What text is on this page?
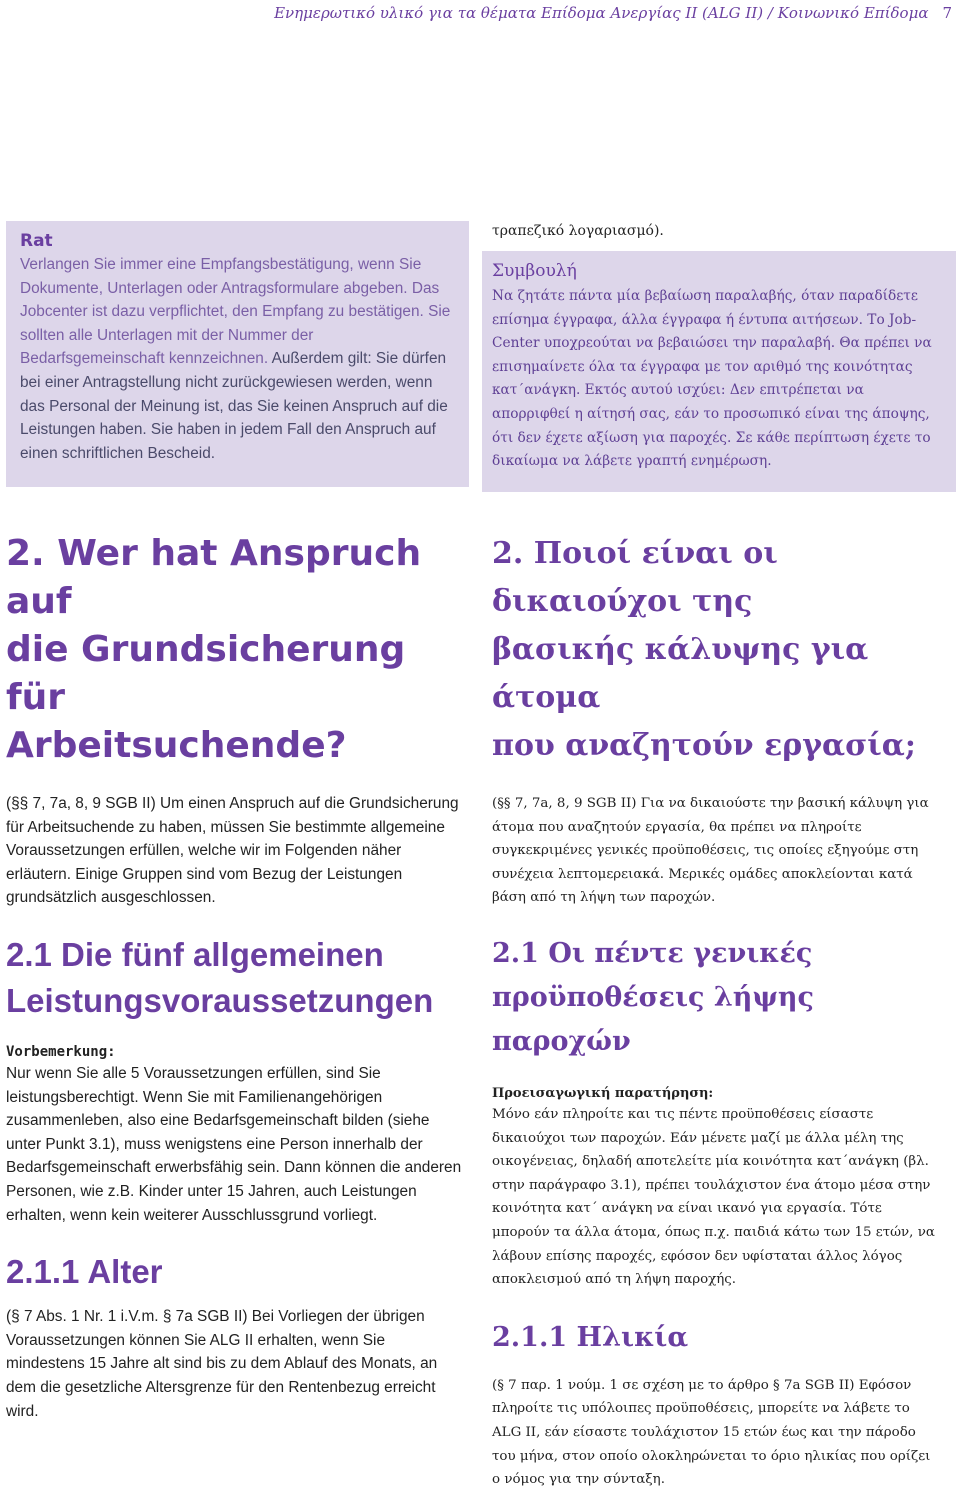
Ενημερωτικό υλικό για τα θέματα Επίδομα Ανεργίας ΙΙ (ALG II) / Κοινωνικό Επίδομα 7
Rat
Verlangen Sie immer eine Empfangsbestätigung, wenn Sie Dokumente, Unterlagen oder Antragsformulare abgeben. Das Jobcenter ist dazu verpflichtet, den Empfang zu bestätigen. Sie sollten alle Unterlagen mit der Nummer der Bedarfsgemeinschaft kennzeichnen. Außerdem gilt: Sie dürfen bei einer Antragstellung nicht zurückgewiesen werden, wenn das Personal der Meinung ist, das Sie keinen Anspruch auf die Leistungen haben. Sie haben in jedem Fall den Anspruch auf einen schriftlichen Bescheid.
τραπεζικό λογαριασμό).
Συμβουλή
Να ζητάτε πάντα μία βεβαίωση παραλαβής, όταν παραδίδετε επίσημα έγγραφα, άλλα έγγραφα ή έντυπα αιτήσεων. Το Job-Center υποχρεούται να βεβαιώσει την παραλαβή. Θα πρέπει να επισημαίνετε όλα τα έγγραφα με τον αριθμό της κοινότητας κατ΄ανάγκη. Εκτός αυτού ισχύει: Δεν επιτρέπεται να απορριφθεί η αίτησή σας, εάν το προσωπικό είναι της άποψης, ότι δεν έχετε αξίωση για παροχές. Σε κάθε περίπτωση έχετε το δικαίωμα να λάβετε γραπτή ενημέρωση.
2. Wer hat Anspruch auf
die Grundsicherung für
Arbeitsuchende?

(§§ 7, 7a, 8, 9 SGB II) Um einen Anspruch auf die Grundsicherung für Arbeitsuchende zu haben, müssen Sie bestimmte allgemeine Voraussetzungen erfüllen, welche wir im Folgenden näher erläutern. Einige Gruppen sind vom Bezug der Leistungen grundsätzlich ausgeschlossen.

2.1 Die fünf allgemeinen
Leistungsvoraussetzungen

Vorbemerkung:

Nur wenn Sie alle 5 Voraussetzungen erfüllen, sind Sie leistungsberechtigt. Wenn Sie mit Familienangehörigen zusammenleben, also eine Bedarfsgemeinschaft bilden (siehe unter Punkt 3.1), muss wenigstens eine Person innerhalb der Bedarfsgemeinschaft erwerbsfähig sein. Dann können die anderen Personen, wie z.B. Kinder unter 15 Jahren, auch Leistungen erhalten, wenn kein weiterer Ausschlussgrund vorliegt.

2.1.1 Alter

(§ 7 Abs. 1 Nr. 1 i.V.m. § 7a SGB II) Bei Vorliegen der übrigen Voraussetzungen können Sie ALG II erhalten, wenn Sie mindestens 15 Jahre alt sind bis zu dem Ablauf des Monats, an dem die gesetzliche Altersgrenze für den Rentenbezug erreicht wird.

2. Ποιοί είναι οι δικαιούχοι της
βασικής κάλυψης για άτομα
που αναζητούν εργασία;

(§§ 7, 7a, 8, 9 SGB II) Για να δικαιούστε την βασική κάλυψη για άτομα που αναζητούν εργασία, θα πρέπει να πληροίτε συγκεκριμένες γενικές προϋποθέσεις, τις οποίες εξηγούμε στη συνέχεια λεπτομερειακά. Μερικές ομάδες αποκλείονται κατά βάση από τη λήψη των παροχών.

2.1 Οι πέντε γενικές
προϋποθέσεις λήψης παροχών

Προεισαγωγική παρατήρηση:

Μόνο εάν πληροίτε και τις πέντε προϋποθέσεις είσαστε δικαιούχοι των παροχών. Εάν μένετε μαζί με άλλα μέλη της οικογένειας, δηλαδή αποτελείτε μία κοινότητα κατ΄ανάγκη (βλ. στην παράγραφο 3.1), πρέπει τουλάχιστον ένα άτομο μέσα στην κοινότητα κατ΄ ανάγκη να είναι ικανό για εργασία. Τότε μπορούν τα άλλα άτομα, όπως π.χ. παιδιά κάτω των 15 ετών, να λάβουν επίσης παροχές, εφόσον δεν υφίσταται άλλος λόγος αποκλεισμού από τη λήψη παροχής.

2.1.1 Ηλικία

(§ 7 παρ. 1 νούμ. 1 σε σχέση με το άρθρο § 7a SGB II) Εφόσον πληροίτε τις υπόλοιπες προϋποθέσεις, μπορείτε να λάβετε το ALG II, εάν είσαστε τουλάχιστον 15 ετών έως και την πάροδο του μήνα, στον οποίο ολοκληρώνεται το όριο ηλικίας που ορίζει ο νόμος για την σύνταξη.
